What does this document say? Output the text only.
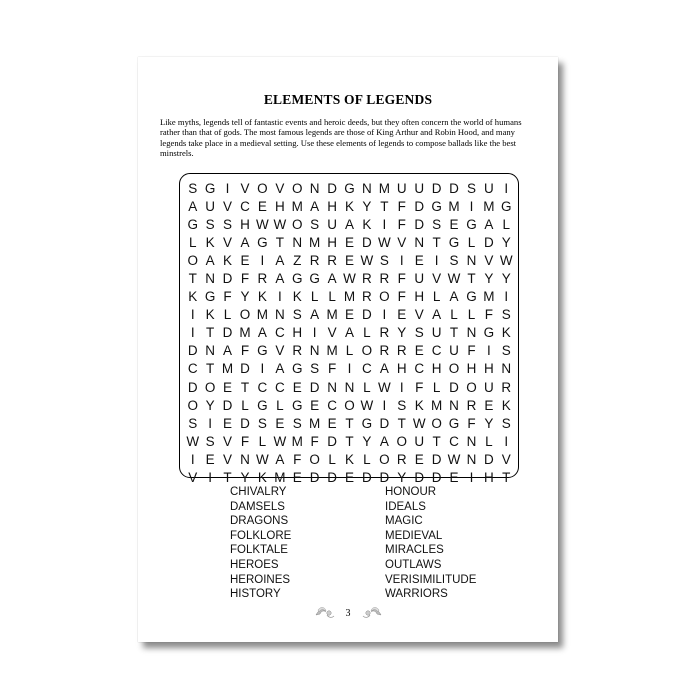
ELEMENTS OF LEGENDS

Like myths, legends tell of fantastic events and heroic deeds, but they often concern the world of humans rather than that of gods. The most famous legends are those of King Arthur and Robin Hood, and many legends take place in a medieval setting. Use these elements of legends to compose ballads like the best minstrels.

S G I V O V O N D G N M U U D D S U I
A U V C E H M A H K Y T F D G M I M G
G S S H W W O S U A K I F D S E G A L
L K V A G T N M H E D W V N T G L D Y
O A K E I A Z R R E W S I E I S N V W
T N D F R A G G A W R R F U V W T Y Y
K G F Y K I K L L M R O F H L A G M I
I K L O M N S A M E D I E V A L L F S
I T D M A C H I V A L R Y S U T N G K
D N A F G V R N M L O R R E C U F I S
C T M D I A G S F I C A H C H O H H N
D O E T C C E D N N L W I F L D O U R
O Y D L G L G E C O W I S K M N R E K
S I E D S E S M E T G D T W O G F Y S
W S V F L W M F D T Y A O U T C N L I
I E V N W A F O L K L O R E D W N D V
V I T Y K M E D D E D D Y D D E I H T
CHIVALRY
DAMSELS
DRAGONS
FOLKLORE
FOLKTALE
HEROES
HEROINES
HISTORY
HONOUR
IDEALS
MAGIC
MEDIEVAL
MIRACLES
OUTLAWS
VERISIMILITUDE
WARRIORS
3
